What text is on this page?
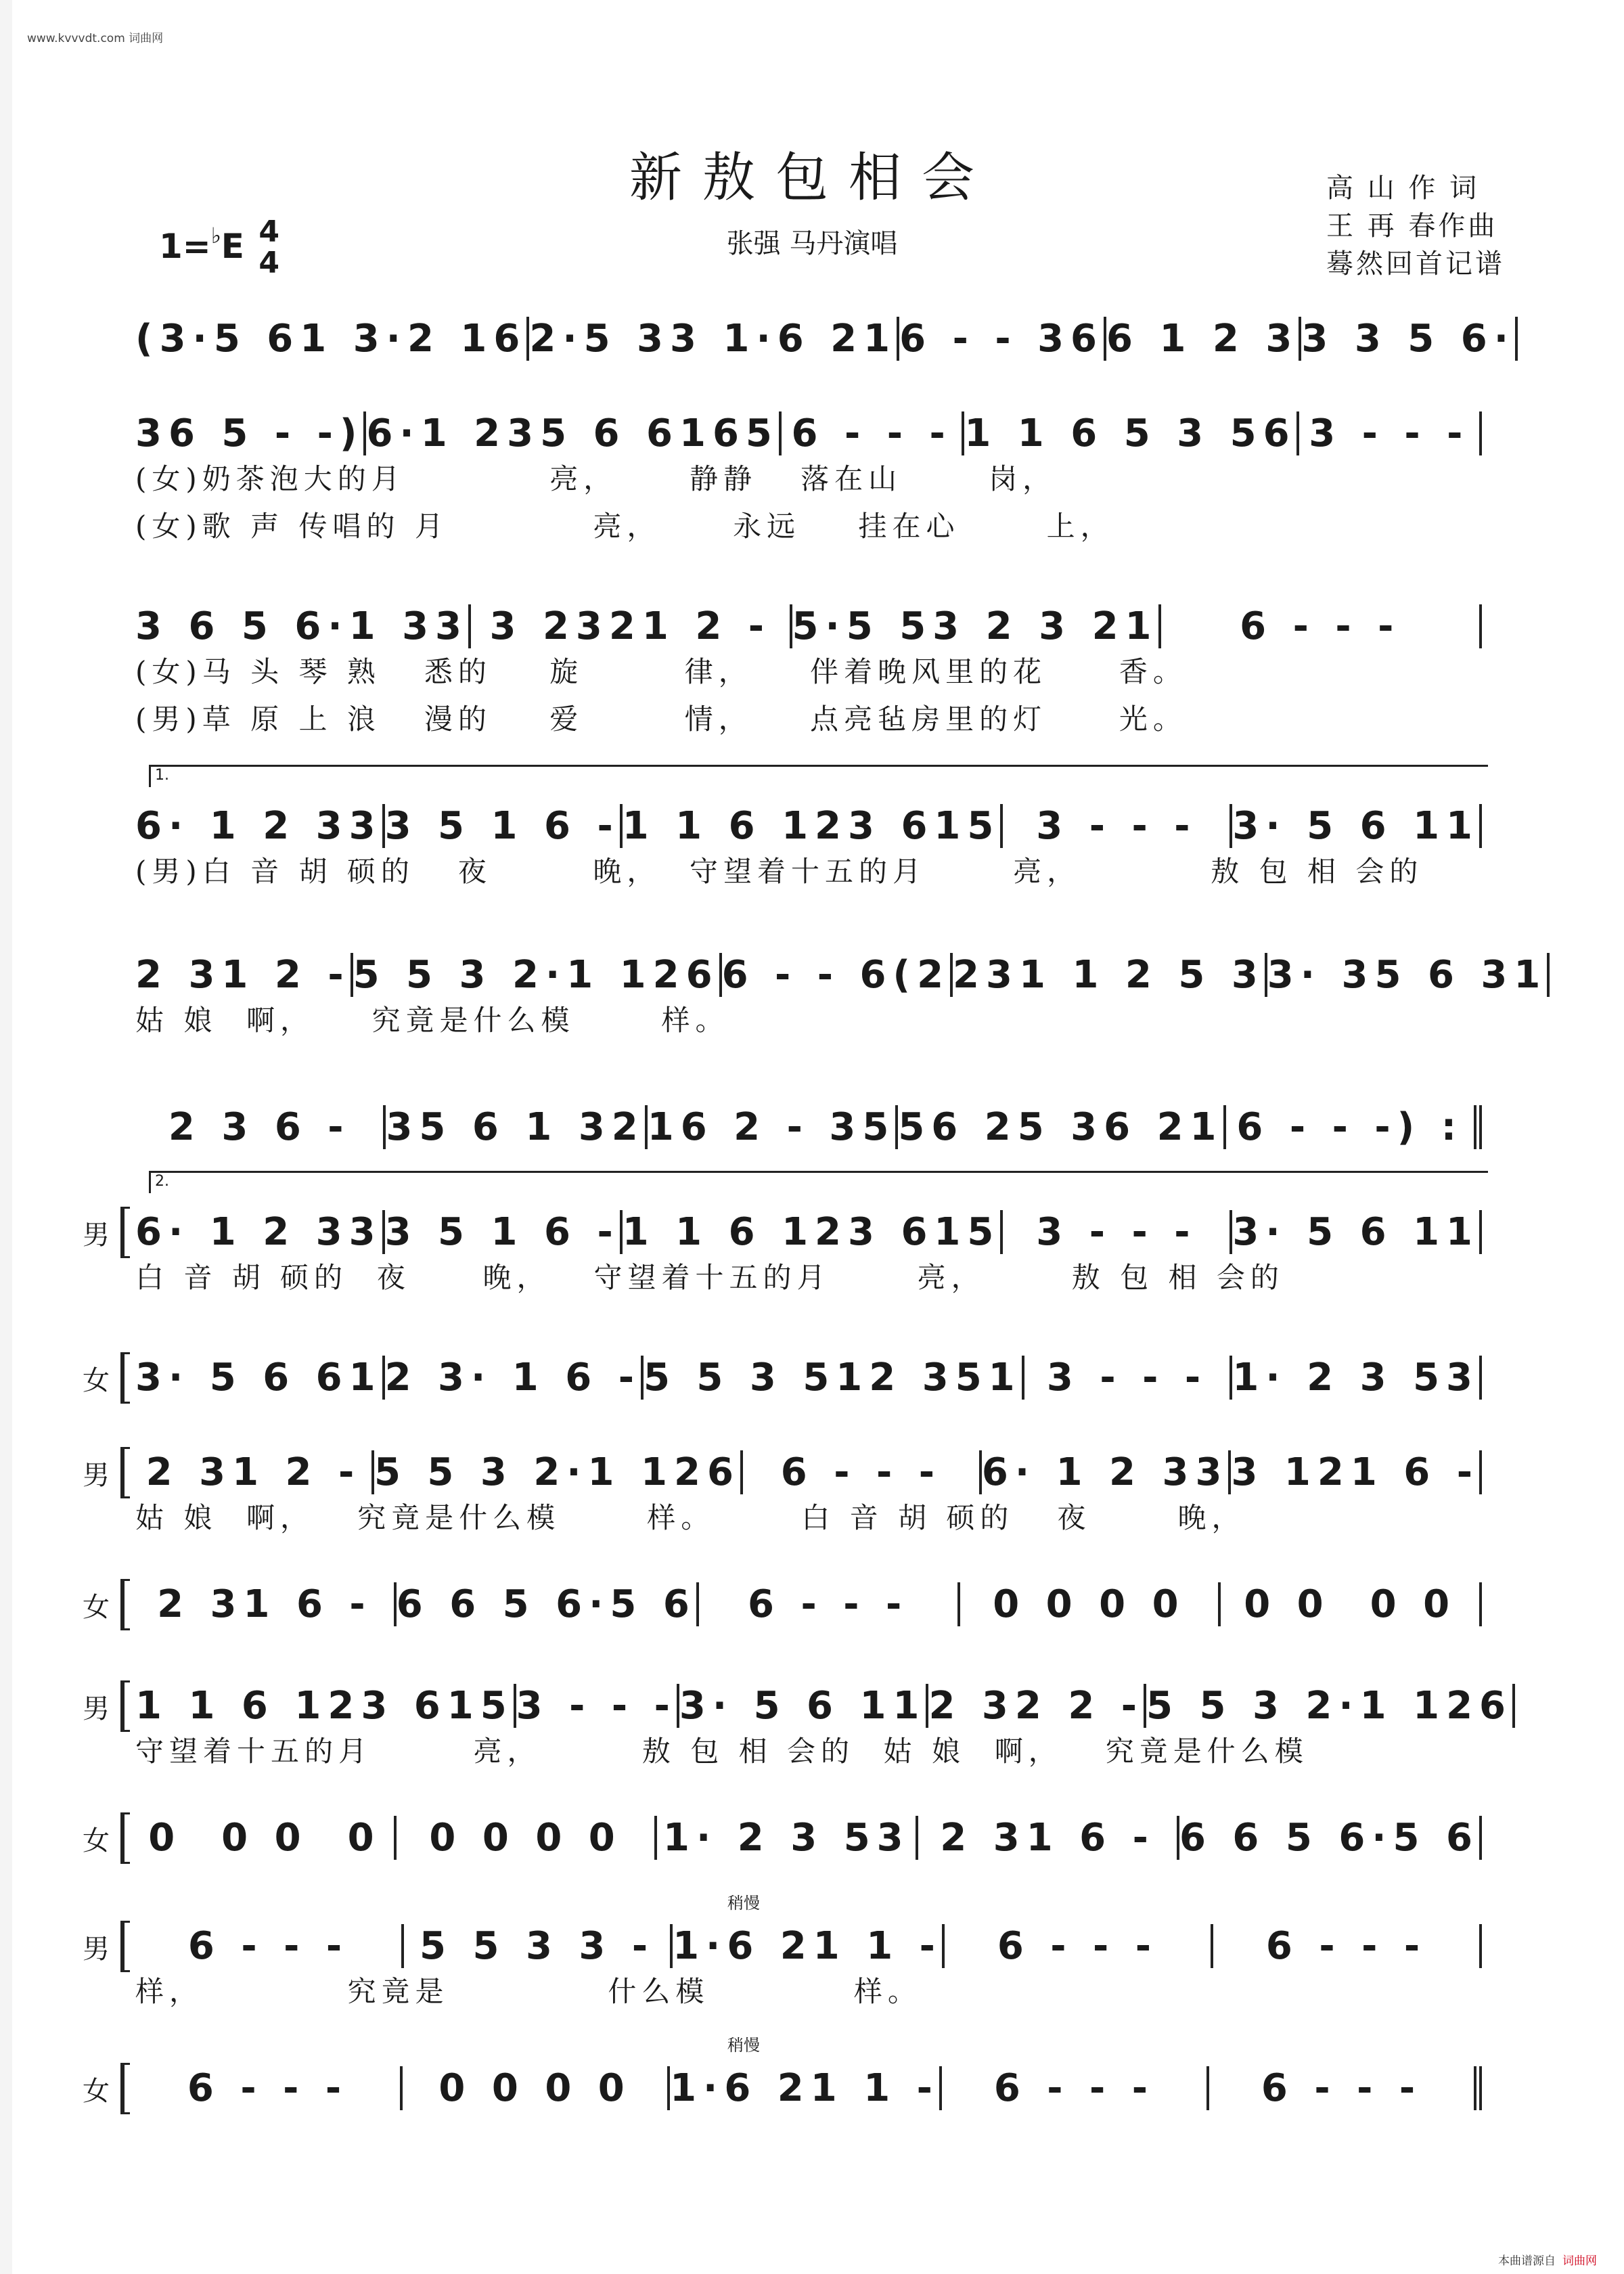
www.kvvvdt.com 词曲网
本曲谱源自 词曲网
新敖包相会
1=♭E 4
4
张强 马丹演唱
高 山 作 词
王 再 春作曲
蓦然回首记谱
(3·5 61 3·2 16 2·5 33 1·6 21 6 - - 36 6 1 2 3 3 3 5 6·
36 5 - -) 6·1 235 6 6165 6 - - - 1 1 6 5 3 56 3 - - -
(女)奶茶泡大的月          亮，     静静   落在山      岗，
(女)歌 声 传唱的 月          亮，     永远    挂在心      上，
3 6 5 6·1 33 3 2321 2 - 5·5 53 2 3 21	6 - - -
(女)马 头 琴 熟   悉的    旋       律，    伴着晚风里的花     香。
(男)草 原 上 浪   漫的    爱       情，    点亮毡房里的灯     光。
1.
6· 1 2 33 3 5 1 6 - 1 1 6 123 615 3 - - - 3· 5 6 11
(男)白 音 胡 硕的   夜       晚，  守望着十五的月      亮，         敖 包 相 会的
2 31 2 - 5 5 3 2·1 126 6 - - 6(2 231 1 2 5 3 3· 35 6 31
姑 娘  啊，    究竟是什么模      样。
2 3 6 - 35 6 1 32 16 2 - 35 56 25 36 21 6 - - -) :
2.
男 6· 1 2 33 3 5 1 6 - 1 1 6 123 615 3 - - - 3· 5 6 11
白 音 胡 硕的  夜     晚，   守望着十五的月      亮，      敖 包 相 会的
女 3· 5 6 61 2 3· 1 6 - 5 5 3 512 351 3 - - - 1· 2 3 53
男 2 31 2 - 5 5 3 2·1 126	6 - - -	6· 1 2 33 3 121 6 -
姑 娘  啊，   究竟是什么模      样。      白 音 胡 硕的   夜      晚，
女	2 31 6 - 6 6 5 6·5 6	6 - - -	0 0 0 0	0 0  0 0
男 1 1 6 123 615 3 - - - 3· 5 6 11 2 32 2 - 5 5 3 2·1 126
守望着十五的月       亮，       敖 包 相 会的  姑 娘  啊，   究竟是什么模
女	0  0 0  0	0 0 0 0	1· 2 3 53 2 31 6 - 6 6 5 6·5 6
男
稍慢
6 - - -	5 5 3 3 - 1·6 21 1 -	6 - - -	6 - - -
样，          究竟是           什么模          样。
女
稍慢
6 - - -	0 0 0 0	1·6 21 1 -	6 - - -	6 - - -
